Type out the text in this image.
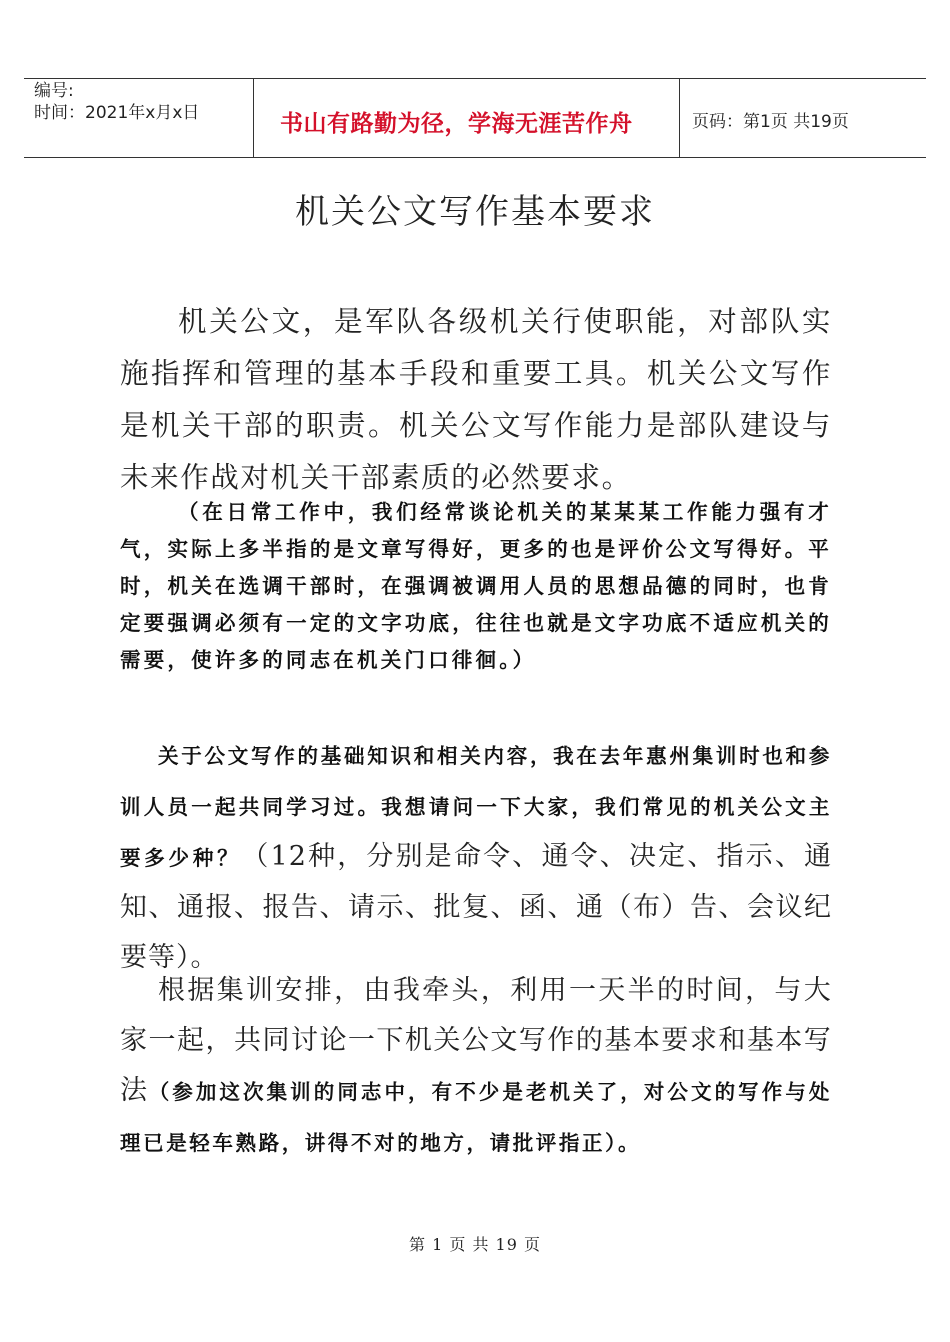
编号:
时间：2021年x月x日	书山有路勤为径，学海无涯苦作舟	页码：第1页 共19页
机关公文写作基本要求

机关公文，是军队各级机关行使职能，对部队实施指挥和管理的基本手段和重要工具。机关公文写作是机关干部的职责。机关公文写作能力是部队建设与未来作战对机关干部素质的必然要求。

（在日常工作中，我们经常谈论机关的某某某工作能力强有才气，实际上多半指的是文章写得好，更多的也是评价公文写得好。平时，机关在选调干部时，在强调被调用人员的思想品德的同时，也肯定要强调必须有一定的文字功底，往往也就是文字功底不适应机关的需要，使许多的同志在机关门口徘徊。）

关于公文写作的基础知识和相关内容，我在去年惠州集训时也和参训人员一起共同学习过。我想请问一下大家，我们常见的机关公文主要多少种？（12种，分别是命令、通令、决定、指示、通知、通报、报告、请示、批复、函、通（布）告、会议纪要等）。

根据集训安排，由我牵头，利用一天半的时间，与大家一起，共同讨论一下机关公文写作的基本要求和基本写法（参加这次集训的同志中，有不少是老机关了，对公文的写作与处理已是轻车熟路，讲得不对的地方，请批评指正）。

第 1 页 共 19 页
